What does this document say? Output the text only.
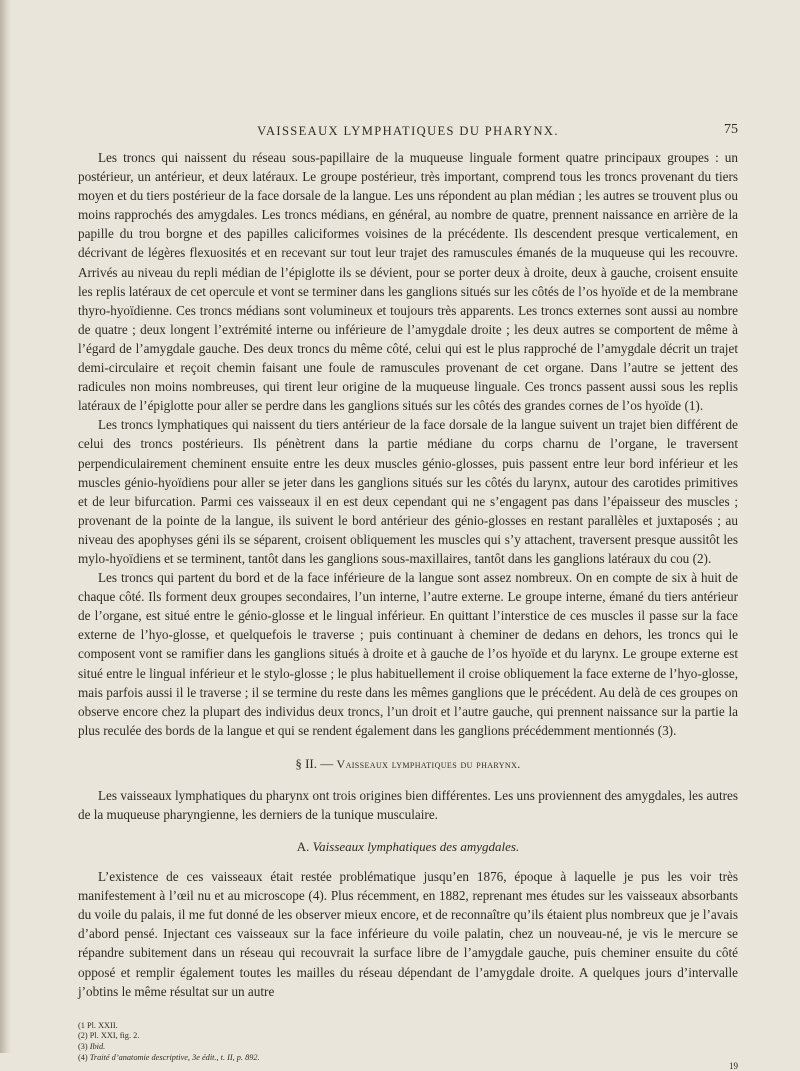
VAISSEAUX LYMPHATIQUES DU PHARYNX.	75

Les troncs qui naissent du réseau sous-papillaire de la muqueuse linguale forment quatre principaux groupes : un postérieur, un antérieur, et deux latéraux. Le groupe postérieur, très important, comprend tous les troncs provenant du tiers moyen et du tiers postérieur de la face dorsale de la langue. Les uns répondent au plan médian ; les autres se trouvent plus ou moins rapprochés des amygdales. Les troncs médians, en général, au nombre de quatre, prennent naissance en arrière de la papille du trou borgne et des papilles caliciformes voisines de la précédente. Ils descendent presque verticalement, en décrivant de légères flexuosités et en recevant sur tout leur trajet des ramuscules émanés de la muqueuse qui les recouvre. Arrivés au niveau du repli médian de l’épiglotte ils se dévient, pour se porter deux à droite, deux à gauche, croisent ensuite les replis latéraux de cet opercule et vont se terminer dans les ganglions situés sur les côtés de l’os hyoïde et de la membrane thyro-hyoïdienne. Ces troncs médians sont volumineux et toujours très apparents. Les troncs externes sont aussi au nombre de quatre ; deux longent l’extrémité interne ou inférieure de l’amygdale droite ; les deux autres se comportent de même à l’égard de l’amygdale gauche. Des deux troncs du même côté, celui qui est le plus rapproché de l’amygdale décrit un trajet demi-circulaire et reçoit chemin faisant une foule de ramuscules provenant de cet organe. Dans l’autre se jettent des radicules non moins nombreuses, qui tirent leur origine de la muqueuse linguale. Ces troncs passent aussi sous les replis latéraux de l’épiglotte pour aller se perdre dans les ganglions situés sur les côtés des grandes cornes de l’os hyoïde (1).

Les troncs lymphatiques qui naissent du tiers antérieur de la face dorsale de la langue suivent un trajet bien différent de celui des troncs postérieurs. Ils pénètrent dans la partie médiane du corps charnu de l’organe, le traversent perpendiculairement cheminent ensuite entre les deux muscles génio-glosses, puis passent entre leur bord inférieur et les muscles génio-hyoïdiens pour aller se jeter dans les ganglions situés sur les côtés du larynx, autour des carotides primitives et de leur bifurcation. Parmi ces vaisseaux il en est deux cependant qui ne s’engagent pas dans l’épaisseur des muscles ; provenant de la pointe de la langue, ils suivent le bord antérieur des génio-glosses en restant parallèles et juxtaposés ; au niveau des apophyses géni ils se séparent, croisent obliquement les muscles qui s’y attachent, traversent presque aussitôt les mylo-hyoïdiens et se terminent, tantôt dans les ganglions sous-maxillaires, tantôt dans les ganglions latéraux du cou (2).

Les troncs qui partent du bord et de la face inférieure de la langue sont assez nombreux. On en compte de six à huit de chaque côté. Ils forment deux groupes secondaires, l’un interne, l’autre externe. Le groupe interne, émané du tiers antérieur de l’organe, est situé entre le génio-glosse et le lingual inférieur. En quittant l’interstice de ces muscles il passe sur la face externe de l’hyo-glosse, et quelquefois le traverse ; puis continuant à cheminer de dedans en dehors, les troncs qui le composent vont se ramifier dans les ganglions situés à droite et à gauche de l’os hyoïde et du larynx. Le groupe externe est situé entre le lingual inférieur et le stylo-glosse ; le plus habituellement il croise obliquement la face externe de l’hyo-glosse, mais parfois aussi il le traverse ; il se termine du reste dans les mêmes ganglions que le précédent. Au delà de ces groupes on observe encore chez la plupart des individus deux troncs, l’un droit et l’autre gauche, qui prennent naissance sur la partie la plus reculée des bords de la langue et qui se rendent également dans les ganglions précédemment mentionnés (3).

§ II. — Vaisseaux lymphatiques du pharynx.

Les vaisseaux lymphatiques du pharynx ont trois origines bien différentes. Les uns proviennent des amygdales, les autres de la muqueuse pharyngienne, les derniers de la tunique musculaire.

A. Vaisseaux lymphatiques des amygdales.

L’existence de ces vaisseaux était restée problématique jusqu’en 1876, époque à laquelle je pus les voir très manifestement à l’œil nu et au microscope (4). Plus récemment, en 1882, reprenant mes études sur les vaisseaux absorbants du voile du palais, il me fut donné de les observer mieux encore, et de reconnaître qu’ils étaient plus nombreux que je l’avais d’abord pensé. Injectant ces vaisseaux sur la face inférieure du voile palatin, chez un nouveau-né, je vis le mercure se répandre subitement dans un réseau qui recouvrait la surface libre de l’amygdale gauche, puis cheminer ensuite du côté opposé et remplir également toutes les mailles du réseau dépendant de l’amygdale droite. A quelques jours d’intervalle j’obtins le même résultat sur un autre

(1 Pl. XXII.
(2) Pl. XXI, fig. 2.
(3) Ibid.
(4) Traité d’anatomie descriptive, 3e édit., t. II, p. 892.
19
